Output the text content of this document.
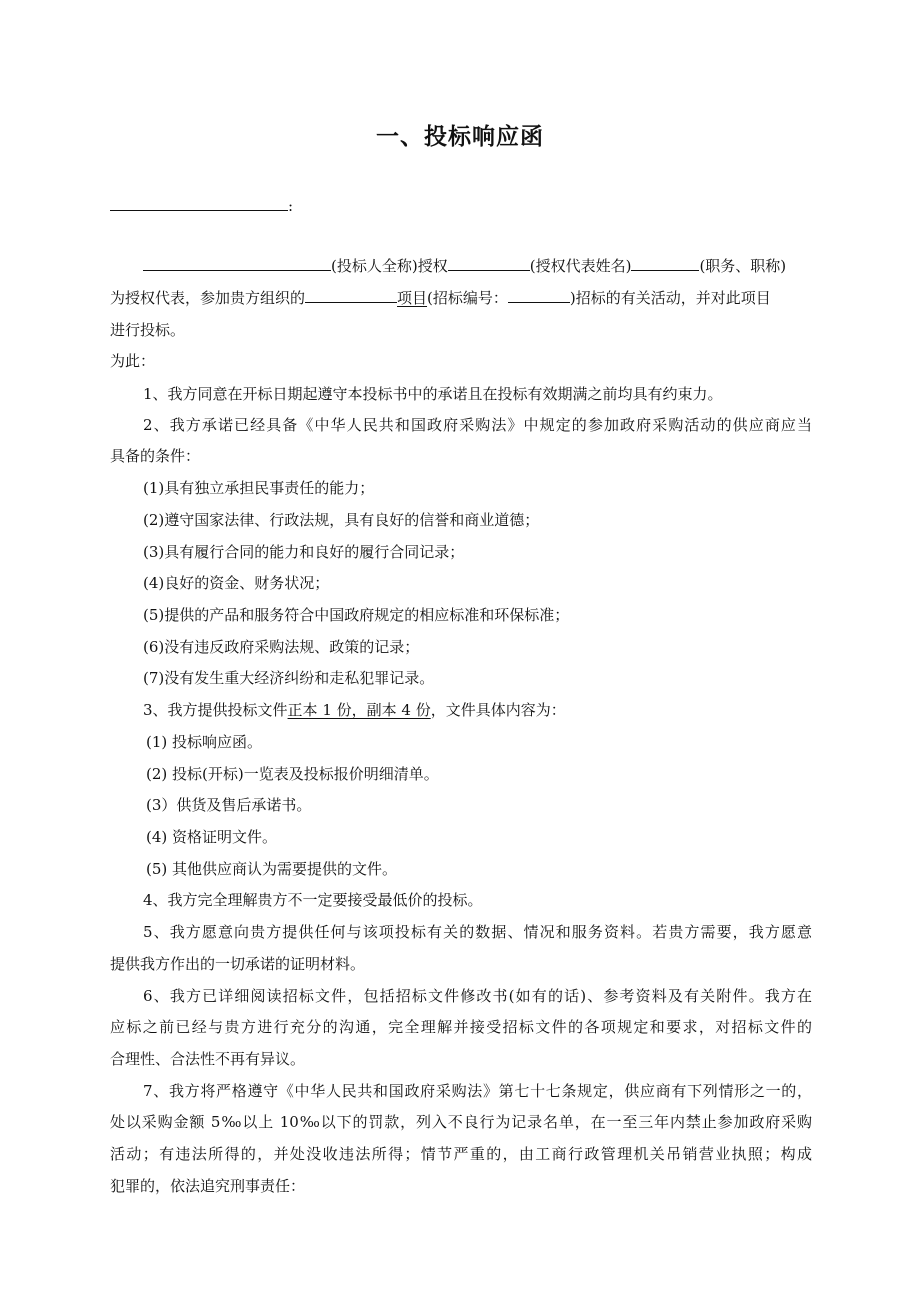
一、投标响应函
:
(投标人全称)授权	(授权代表姓名)	(职务、职称)
为授权代表，参加贵方组织的	项目(招标编号：	)招标的有关活动，并对此项目
进行投标。
为此：
1、我方同意在开标日期起遵守本投标书中的承诺且在投标有效期满之前均具有约束力。
2、我方承诺已经具备《中华人民共和国政府采购法》中规定的参加政府采购活动的供应商应当
具备的条件：
(1)具有独立承担民事责任的能力；
(2)遵守国家法律、行政法规，具有良好的信誉和商业道德；
(3)具有履行合同的能力和良好的履行合同记录；
(4)良好的资金、财务状况；
(5)提供的产品和服务符合中国政府规定的相应标准和环保标准；
(6)没有违反政府采购法规、政策的记录；
(7)没有发生重大经济纠纷和走私犯罪记录。
3、我方提供投标文件正本 1 份，副本 4 份，文件具体内容为：
(1) 投标响应函。
(2) 投标(开标)一览表及投标报价明细清单。
(3）供货及售后承诺书。
(4) 资格证明文件。
(5) 其他供应商认为需要提供的文件。
4、我方完全理解贵方不一定要接受最低价的投标。
5、我方愿意向贵方提供任何与该项投标有关的数据、情况和服务资料。若贵方需要，我方愿意
提供我方作出的一切承诺的证明材料。
6、我方已详细阅读招标文件，包括招标文件修改书(如有的话)、参考资料及有关附件。我方在
应标之前已经与贵方进行充分的沟通，完全理解并接受招标文件的各项规定和要求，对招标文件的
合理性、合法性不再有异议。
7、我方将严格遵守《中华人民共和国政府采购法》第七十七条规定，供应商有下列情形之一的，
处以采购金额 5‰以上 10‰以下的罚款，列入不良行为记录名单，在一至三年内禁止参加政府采购
活动；有违法所得的，并处没收违法所得；情节严重的，由工商行政管理机关吊销营业执照；构成
犯罪的，依法追究刑事责任：
